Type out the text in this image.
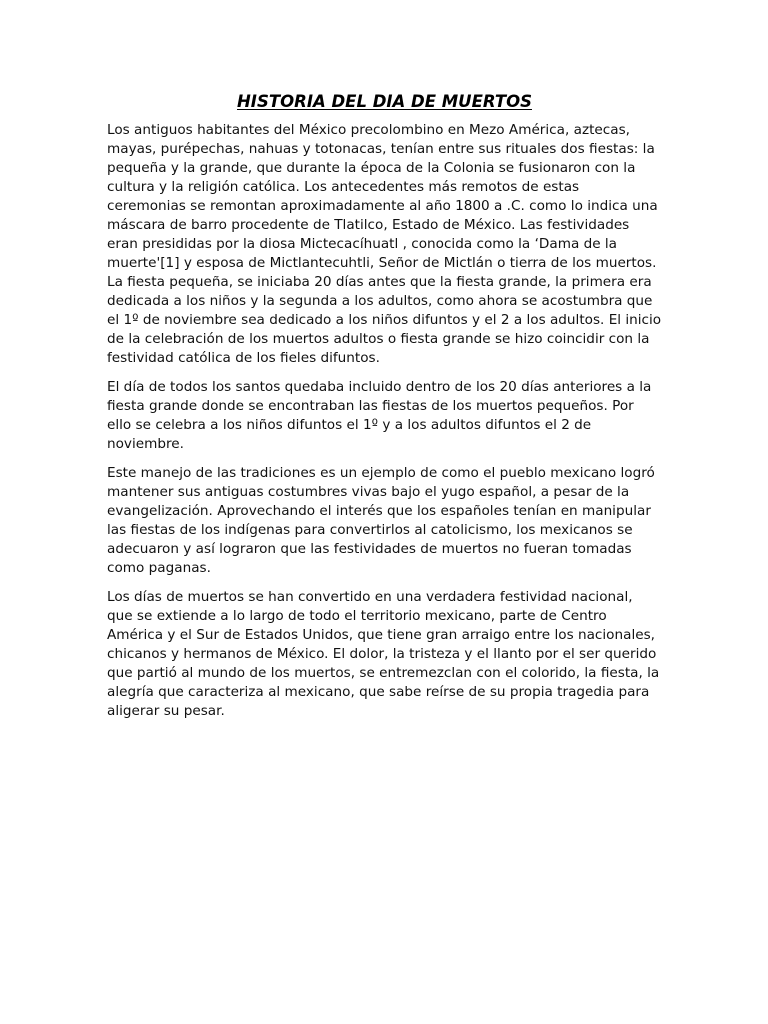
HISTORIA DEL DIA DE MUERTOS

Los antiguos habitantes del México precolombino en Mezo América, aztecas, mayas, purépechas, nahuas y totonacas, tenían entre sus rituales dos fiestas: la pequeña y la grande, que durante la época de la Colonia se fusionaron con la cultura y la religión católica. Los antecedentes más remotos de estas ceremonias se remontan aproximadamente al año 1800 a .C. como lo indica una máscara de barro procedente de Tlatilco, Estado de México. Las festividades eran presididas por la diosa Mictecacíhuatl , conocida como la ‘Dama de la muerte'[1] y esposa de Mictlantecuhtli, Señor de Mictlán o tierra de los muertos. La fiesta pequeña, se iniciaba 20 días antes que la fiesta grande, la primera era dedicada a los niños y la segunda a los adultos, como ahora se acostumbra que el 1º de noviembre sea dedicado a los niños difuntos y el 2 a los adultos. El inicio de la celebración de los muertos adultos o fiesta grande se hizo coincidir con la festividad católica de los fieles difuntos.

El día de todos los santos quedaba incluido dentro de los 20 días anteriores a la fiesta grande donde se encontraban las fiestas de los muertos pequeños. Por ello se celebra a los niños difuntos el 1º y a los adultos difuntos el 2 de noviembre.

Este manejo de las tradiciones es un ejemplo de como el pueblo mexicano logró mantener sus antiguas costumbres vivas bajo el yugo español, a pesar de la evangelización. Aprovechando el interés que los españoles tenían en manipular las fiestas de los indígenas para convertirlos al catolicismo, los mexicanos se adecuaron y así lograron que las festividades de muertos no fueran tomadas como paganas.

Los días de muertos se han convertido en una verdadera festividad nacional, que se extiende a lo largo de todo el territorio mexicano, parte de Centro América y el Sur de Estados Unidos, que tiene gran arraigo entre los nacionales, chicanos y hermanos de México. El dolor, la tristeza y el llanto por el ser querido que partió al mundo de los muertos, se entremezclan con el colorido, la fiesta, la alegría que caracteriza al mexicano, que sabe reírse de su propia tragedia para aligerar su pesar.
